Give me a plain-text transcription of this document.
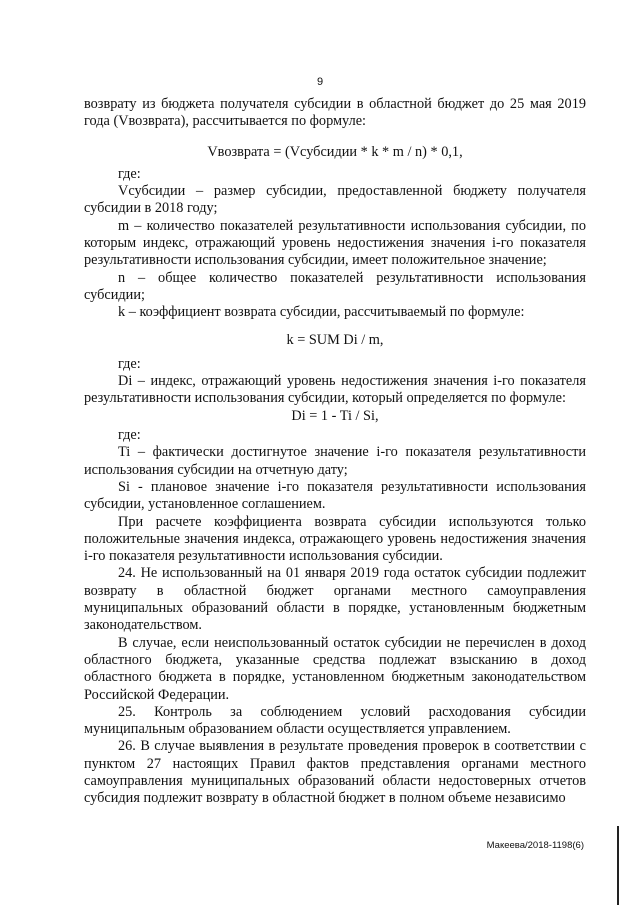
9

возврату из бюджета получателя субсидии в областной бюджет до 25 мая 2019 года (Vвозврата), рассчитывается по формуле:

Vвозврата = (Vсубсидии * k * m / n) * 0,1,

где:

Vсубсидии – размер субсидии, предоставленной бюджету получателя субсидии в 2018 году;

m – количество показателей результативности использования субсидии, по которым индекс, отражающий уровень недостижения значения i-го показателя результативности использования субсидии, имеет положительное значение;

n – общее количество показателей результативности использования субсидии;

k – коэффициент возврата субсидии, рассчитываемый по формуле:

k = SUM Di / m,

где:

Di – индекс, отражающий уровень недостижения значения i-го показателя результативности использования субсидии, который определяется по формуле:

Di = 1 - Ti / Si,

где:

Ti – фактически достигнутое значение i-го показателя результативности использования субсидии на отчетную дату;

Si - плановое значение i-го показателя результативности использования субсидии, установленное соглашением.

При расчете коэффициента возврата субсидии используются только положительные значения индекса, отражающего уровень недостижения значения i-го показателя результативности использования субсидии.

24. Не использованный на 01 января 2019 года остаток субсидии подлежит возврату в областной бюджет органами местного самоуправления муниципальных образований области в порядке, установленным бюджетным законодательством.

В случае, если неиспользованный остаток субсидии не перечислен в доход областного бюджета, указанные средства подлежат взысканию в доход областного бюджета в порядке, установленном бюджетным законодательством Российской Федерации.

25. Контроль за соблюдением условий расходования субсидии муниципальным образованием области осуществляется управлением.

26. В случае выявления в результате проведения проверок в соответствии с пунктом 27 настоящих Правил фактов представления органами местного самоуправления муниципальных образований области недостоверных отчетов субсидия подлежит возврату в областной бюджет в полном объеме независимо

Макеева/2018-1198(6)
